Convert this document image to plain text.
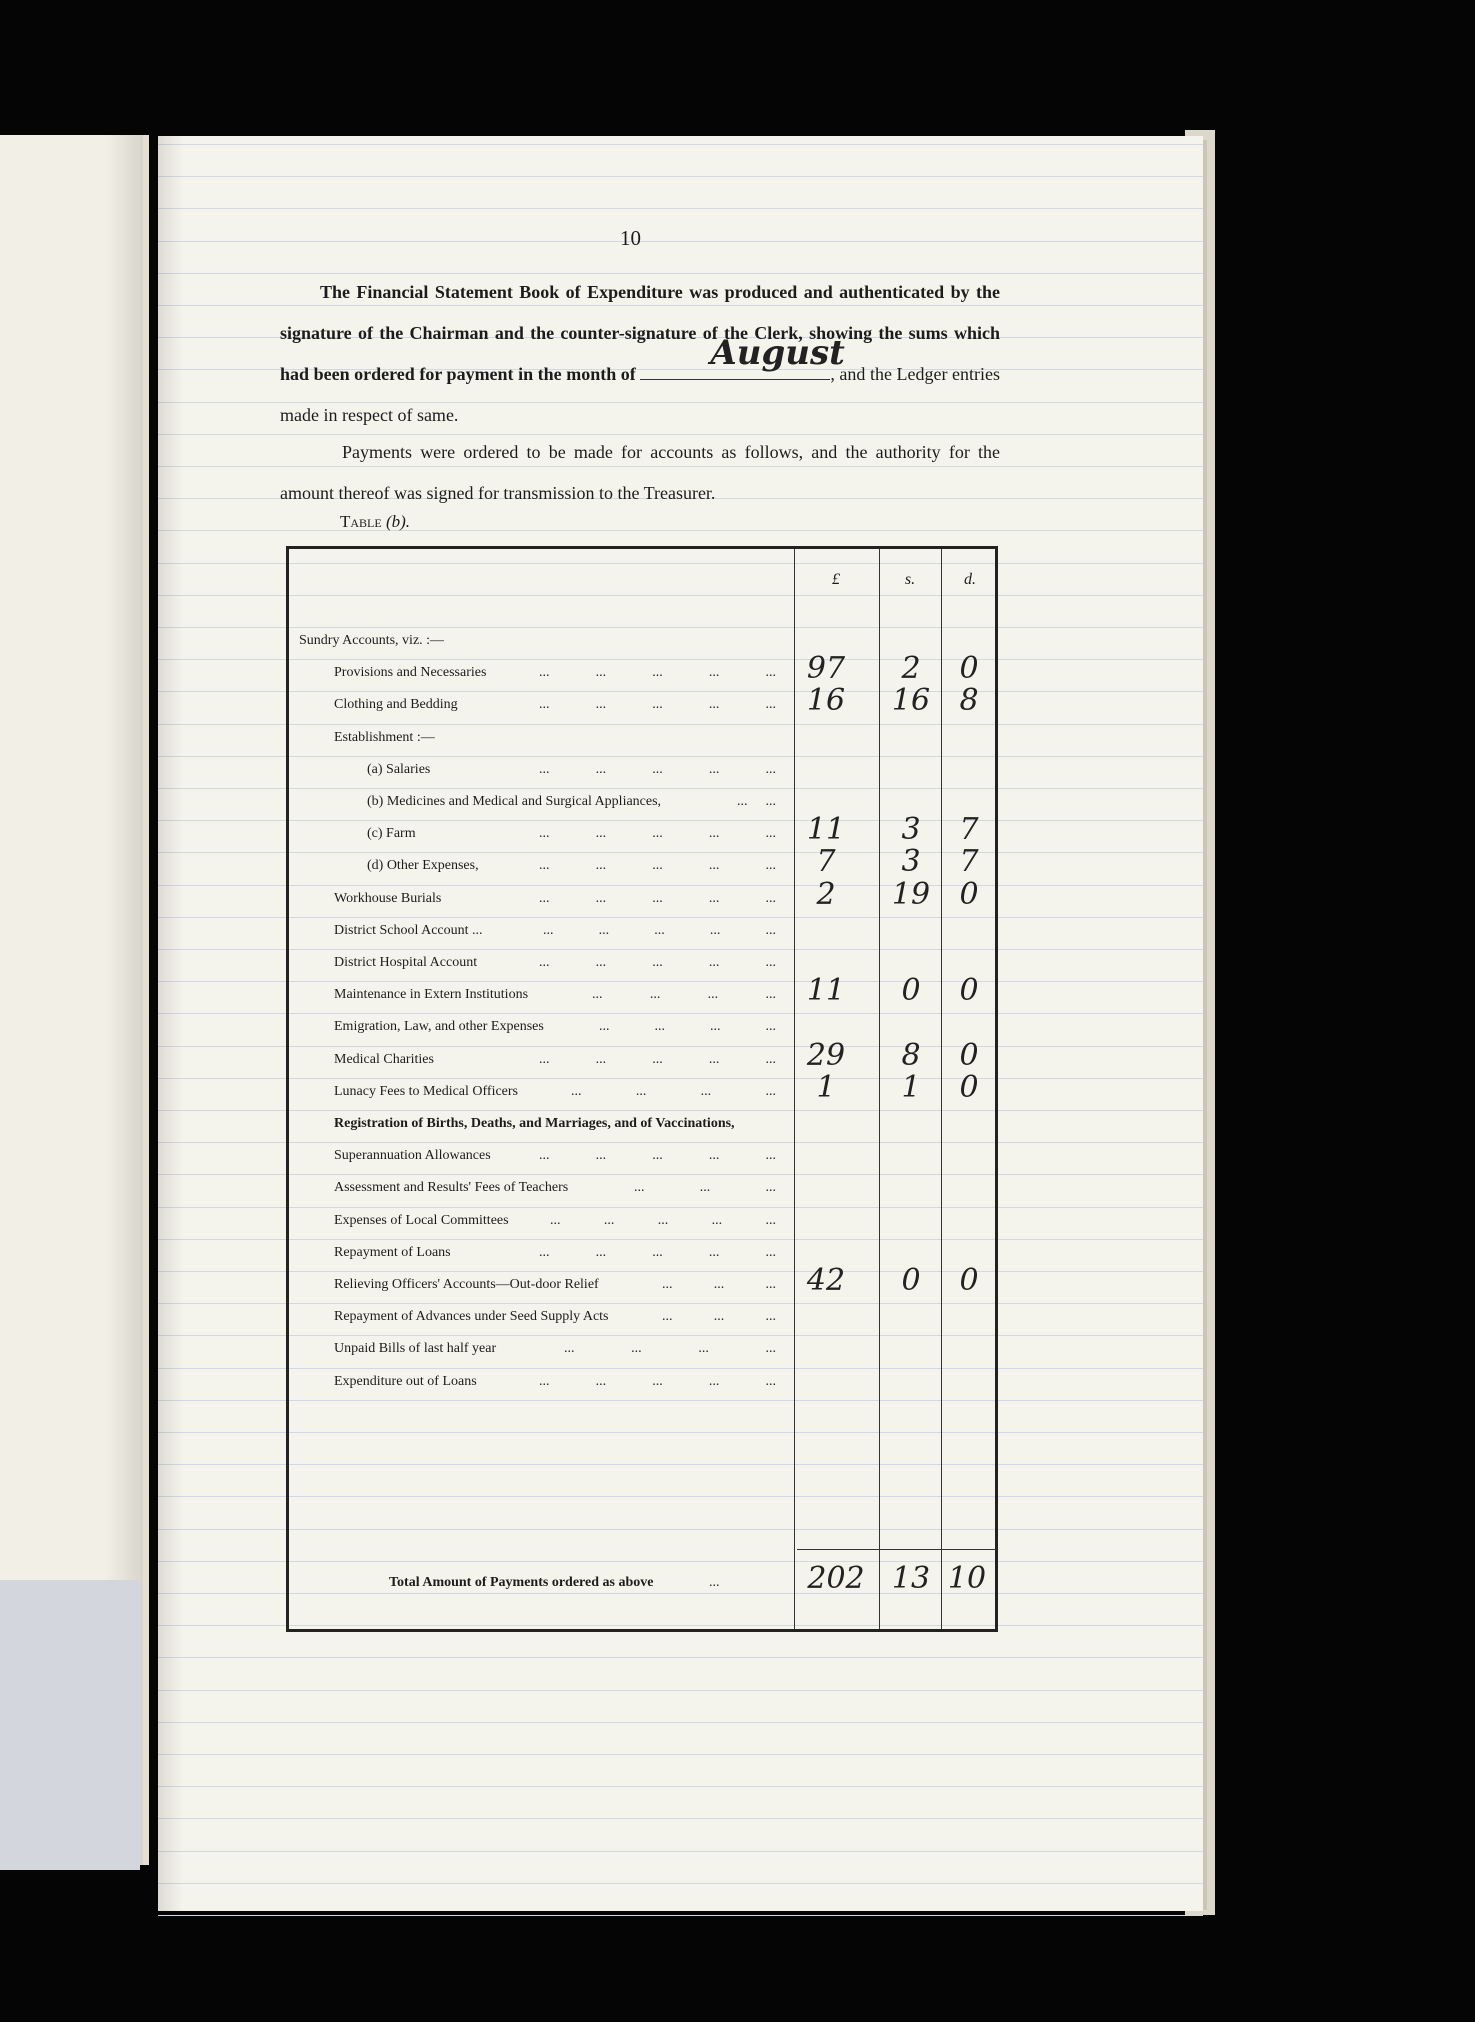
10
The Financial Statement Book of Expenditure was produced and authenticated by the signature of the Chairman and the counter-signature of the Clerk, showing the sums which had been ordered for payment in the month of
August
, and the Ledger entries made in respect of same.
Payments were ordered to be made for accounts as follows, and the authority for the amount thereof was signed for transmission to the Treasurer.
Table (b).
£	s.	d.
Total Amount of Payments ordered as above	...	202 13 10
Sundry Accounts, viz. :—
Provisions and Necessaries	...	...	...	...	...	97	2	0
Clothing and Bedding	...	...	...	...	...	16	16 8
Establishment :—
(a) Salaries	...	...	...	...	...
(b) Medicines and Medical and Surgical Appliances,	... ...
(c) Farm	...	...	...	...	...	11	3	7
(d) Other Expenses,	...	...	...	...	...	7	3	7
Workhouse Burials	...	...	...	...	...	2	19 0
District School Account ...	...	...	...	...	...
District Hospital Account	...	...	...	...	...
Maintenance in Extern Institutions	...	...	...	...	11	0	0
Emigration, Law, and other Expenses	...	...	...	...
Medical Charities	...	...	...	...	...	29	8	0
Lunacy Fees to Medical Officers	...	...	...	...	1	1	0
Registration of Births, Deaths, and Marriages, and of Vaccinations,
Superannuation Allowances	...	...	...	...	...
Assessment and Results' Fees of Teachers	...	...	...
Expenses of Local Committees	...	...	...	...	...
Repayment of Loans	...	...	...	...	...
Relieving Officers' Accounts—Out-door Relief	...	...	...	42	0	0
Repayment of Advances under Seed Supply Acts	...	...	...
Unpaid Bills of last half year	...	...	...	...
Expenditure out of Loans	...	...	...	...	...
